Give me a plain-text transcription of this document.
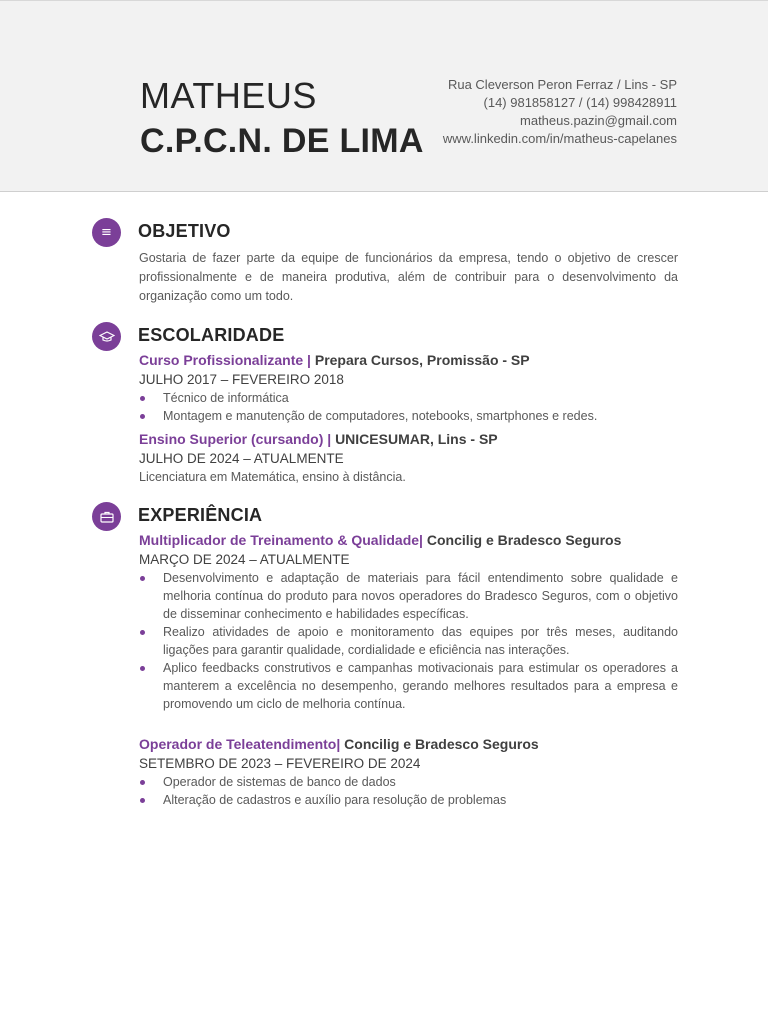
MATHEUS
C.P.C.N. DE LIMA
Rua Cleverson Peron Ferraz / Lins - SP
(14) 981858127 / (14) 998428911
matheus.pazin@gmail.com
www.linkedin.com/in/matheus-capelanes
≡	OBJETIVO
Gostaria de fazer parte da equipe de funcionários da empresa, tendo o objetivo de crescer profissionalmente e de maneira produtiva, além de contribuir para o desenvolvimento da organização como um todo.
ESCOLARIDADE
Curso Profissionalizante | Prepara Cursos, Promissão - SP
JULHO 2017 – FEVEREIRO 2018
Técnico de informática
Montagem e manutenção de computadores, notebooks, smartphones e redes.
Ensino Superior (cursando) | UNICESUMAR, Lins - SP
JULHO DE 2024 – ATUALMENTE
Licenciatura em Matemática, ensino à distância.
EXPERIÊNCIA
Multiplicador de Treinamento & Qualidade| Concilig e Bradesco Seguros
MARÇO DE 2024 – ATUALMENTE
Desenvolvimento e adaptação de materiais para fácil entendimento sobre qualidade e melhoria contínua do produto para novos operadores do Bradesco Seguros, com o objetivo de disseminar conhecimento e habilidades específicas.
Realizo atividades de apoio e monitoramento das equipes por três meses, auditando ligações para garantir qualidade, cordialidade e eficiência nas interações.
Aplico feedbacks construtivos e campanhas motivacionais para estimular os operadores a manterem a excelência no desempenho, gerando melhores resultados para a empresa e promovendo um ciclo de melhoria contínua.
Operador de Teleatendimento| Concilig e Bradesco Seguros
SETEMBRO DE 2023 – FEVEREIRO DE 2024
Operador de sistemas de banco de dados
Alteração de cadastros e auxílio para resolução de problemas
